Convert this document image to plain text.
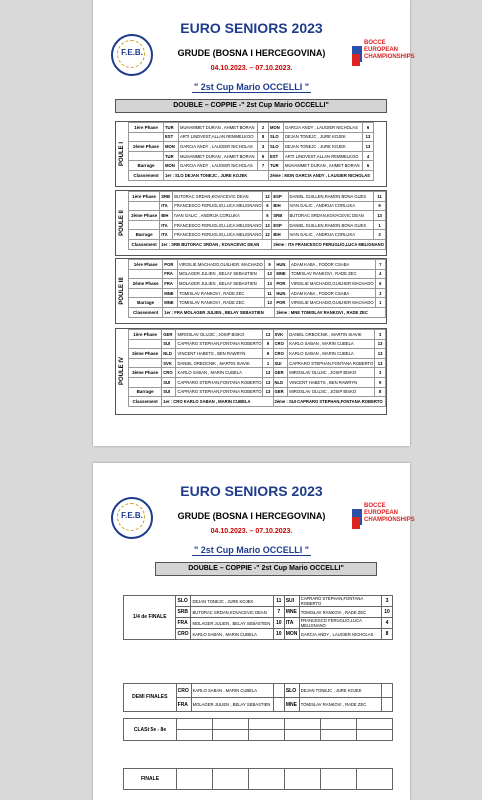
F.E.B.
EURO SENIORS 2023
GRUDE (BOSNA I HERCEGOVINA)
04.10.2023. – 07.10.2023.
" 2st Cup Mario OCCELLI "
BOCCE EUROPEAN CHAMPIONSHIPS
DOUBLE – COPPIE -" 2st Cup Mario OCCELLI"
POULE I
1ère Phase	TUR	MUHAMMET DURAN , AHMET BORAN	2	MON	GARCIA ANDY , LAUGIER NICHOLAS	6
	EST	ARTI LINDVEST,ALLAN REMMELKOO	8	SLO	DEJAN TONEJC , JURE KOJEK	13
2ème Phase	MON	GARCIA ANDY , LAUGIER NICHOLAS	3	SLO	DEJAN TONEJC , JURE KOJEK	13
	TUR	MUHAMMET DURAN , AHMET BORAN	9	EST	ARTI LINDVEST,ALLAN REMMELKOO	4
Barrage	MON	GARCIA ANDY , LAUGIER NICHOLAS	7	TUR	MUHAMMET DURAN , AHMET BORAN	6
Classement	1er : SLO DEJAN TONEJC , JURE KOJEK			2ème : MON GARCIA ANDY , LAUGIER NICHOLAS		
POULE II
1ère Phase	SRB	BUTORAC SRDAN,KOVACEVIC DEAN	12	ESP	DANIEL GUILLEN,RAMON BONA GUES	11
	ITA	FRANCESCO FERUGLIO,LUCA MELIGNANO	6	BIH	IVAN GALIC , ANDRIJA CORLUKA	9
2ème Phase	BIH	IVAN GALIC , ANDRIJA CORLUKA	6	SRB	BUTORAC SRDAN,KOVACEVIC DEAN	13
	ITA	FRANCESCO FERUGLIO,LUCA MELIGNANO	13	ESP	DANIEL GUILLEN,RAMON BONA GUES	1
Barrage	ITA	FRANCESCO FERUGLIO,LUCA MELIGNANO	12	BIH	IVAN GALIC , ANDRIJA CORLUKA	3
Classement	1er : SRB BUTORAC SRDAN , KOVACEVIC DEAN			2ème : ITA FRANCESCO FERUGLIO,LUCA MELIGNANO		
POULE III
1ère Phase	POR	VIRGILIE MACHADO,GUILHER. MACHADO	9	HUN	ADAM KABA , FODOR CSABA	7
	FRA	MOLAGER JULIEN , BELAY SEBASTIEN	13	MNE	TOMISLAV RANKOVI , RADE ZEC	4
2ème Phase	FRA	MOLAGER JULIEN , BELAY SEBASTIEN	13	POR	VIRGILIE MACHADO,GUILHER MACHADO	6
	MNE	TOMISLAV RANKOVI , RADE ZEC	11	HUN	ADAM KABA , FODOR CSABA	3
Barrage	MNE	TOMISLAV RANKOVI , RADE ZEC	13	POR	VIRGILIE MACHADO,GUILHER MACHADO	1
Classement	1er : FRA MOLAGER JULIEN , BELAY SEBASTIEN			2ème : MNE TOMISLAV RANKOVI , RADE ZEC		
POULE IV
1ère Phase	GER	MIROSLAV OLUJIC , JOSIP BISKO	13	SVK	DANIEL ORBOCNIK , MARTIN SIAVIK	3
	SUI	CAPRARO STEPHAN,FONTANA ROBERTO	9	CRO	KARLO SABAN , MARIN CUBELA	13
2ème Phase	NLD	VINCENT HABETS , BEN RAWRYN	9	CRO	KARLO SABAN , MARIN CUBELA	13
	SVK	DANIEL ORBOCNIK , MARTIN SIAVIK	1	SUI	CAPRARO STEPHAN,FONTANA ROBERTO	13
3ème Phase	CRO	KARLO SABAN , MARIN CUBELA	13	GER	MIROSLAV OLUJIC , JOSIP BISKO	3
	SUI	CAPRARO STEPHAN,FONTANA ROBERTO	13	NLD	VINCENT HABETS , BEN RAWRYN	9
Barrage	SUI	CAPRARO STEPHAN,FONTANA ROBERTO	13	GER	MIROSLAV OLUJIC , JOSIP BISKO	8
Classement	1er : CRO KARLO SABAN , MARIN CUBELA			2ème : SUI CAPRARO STEPHAN,FONTANA ROBERTO		
F.E.B.
EURO SENIORS 2023
GRUDE (BOSNA I HERCEGOVINA)
04.10.2023. – 07.10.2023.
" 2st Cup Mario OCCELLI "
BOCCE EUROPEAN CHAMPIONSHIPS
DOUBLE – COPPIE -" 2st Cup Mario OCCELLI"
1/4 de FINALE	SLO	DEJAN TONEJC , JURE KOJEK	11	SUI	CAPRARO STEPHAN,FONTANA ROBERTO	3
	SRB	BUTORAC SRDAN,KOVACEVIC DEAN	7	MNE	TOMISLAV RANKOVI , RADE ZEC	10
	FRA	MOLAGER JULIEN , BELAY SEBASTIEN	10	ITA	FRANCESCO FERUGLIO,LUCA MELIGNANO	4
	CRO	KARLO SABAN , MARIN CUBELA	10	MON	GARCIA ANDY , LAUGIER NICHOLAS	8
DEMI FINALES	CRO	KARLO SABAN , MARIN CUBELA		SLO	DEJAN TONEJC , JURE KOJEK	
	FRA	MOLAGER JULIEN , BELAY SEBASTIEN		MNE	TOMISLAV RANKOVI , RADE ZEC	
CLASt 5e - 8e						

FINALE						
